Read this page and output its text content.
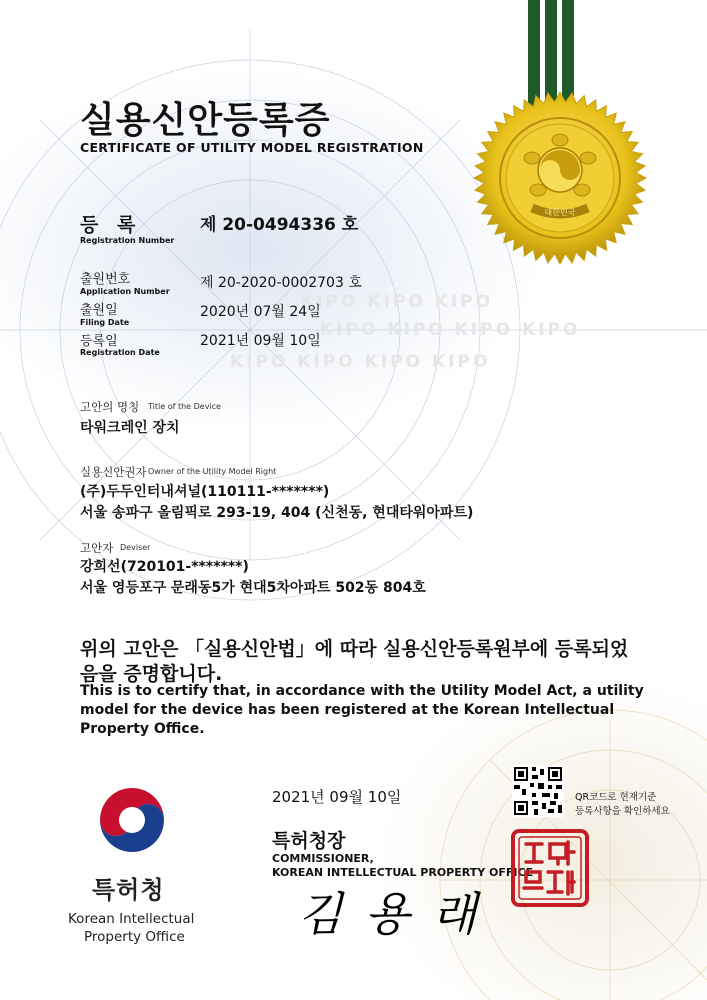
KIPO KIPO KIPO
KIPO KIPO KIPO KIPO
KIPO KIPO KIPO KIPO
대한민국
실용신안등록증
CERTIFICATE OF UTILITY MODEL REGISTRATION
등 록
Registration Number
제 20-0494336 호
출원번호
Application Number
제 20-2020-0002703 호
출원일
Filing Date
2020년 07월 24일
등록일
Registration Date
2021년 09월 10일
고안의 명칭 Title of the Device
타워크레인 장치
실용신안권자 Owner of the Utility Model Right
(주)두두인터내셔널(110111-*******)
서울 송파구 올림픽로 293-19, 404 (신천동, 현대타워아파트)
고안자 Deviser
강희선(720101-*******)
서울 영등포구 문래동5가 현대5차아파트 502동 804호
위의 고안은 「실용신안법」에 따라 실용신안등록원부에 등록되었음을 증명합니다.
This is to certify that, in accordance with the Utility Model Act, a utility model for the device has been registered at the Korean Intellectual Property Office.
2021년 09월 10일	QR코드로 현재기준
등록사항을 확인하세요
특허청장
COMMISSIONER,
KOREAN INTELLECTUAL PROPERTY OFFICE
김 용 래
특허청
Korean Intellectual
Property Office
